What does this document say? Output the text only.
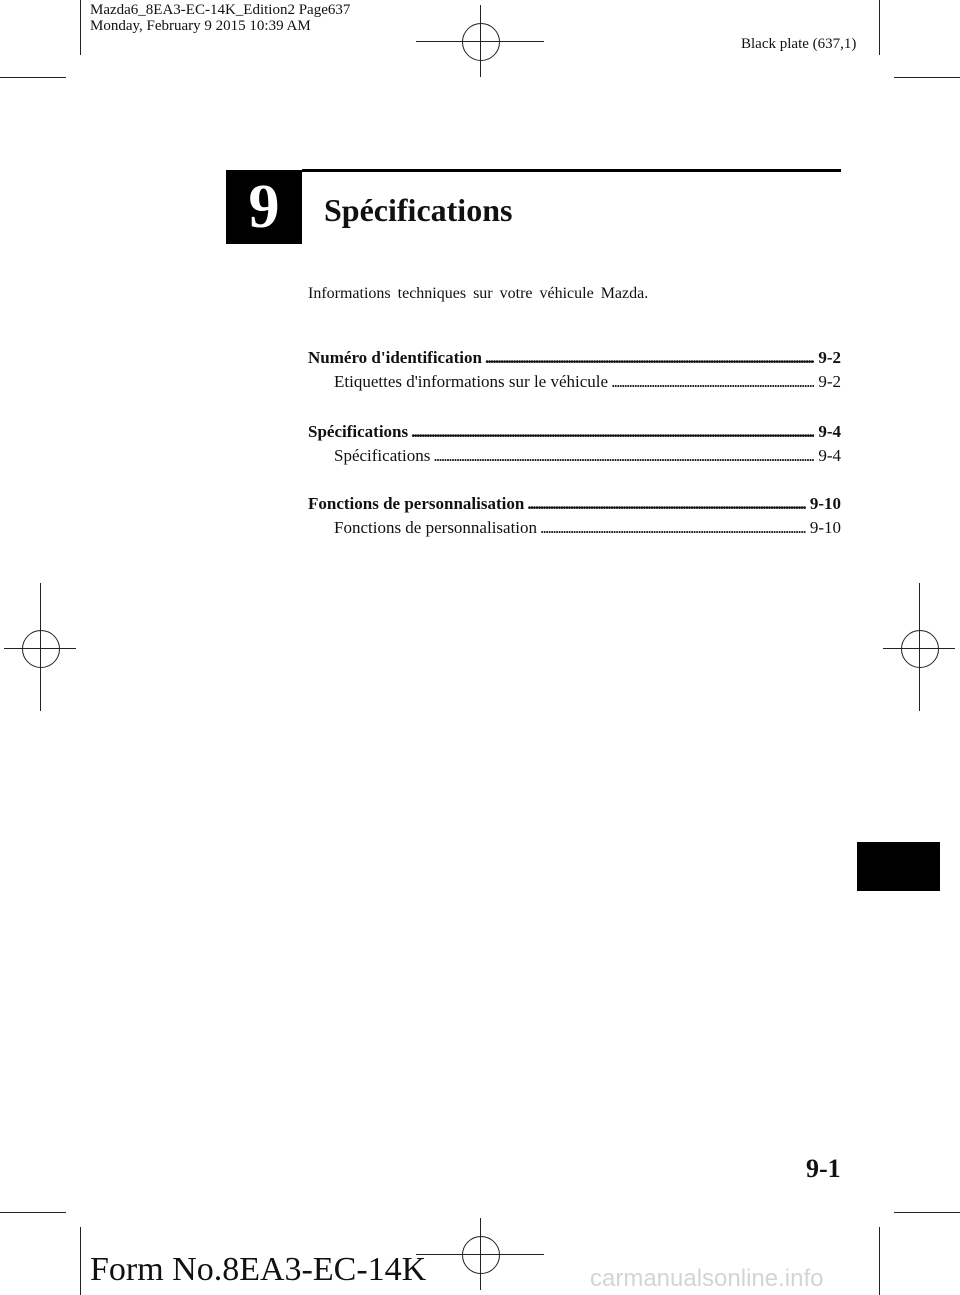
Mazda6_8EA3-EC-14K_Edition2 Page637
Monday, February 9 2015 10:39 AM
Black plate (637,1)
9	Spécifications
Informations techniques sur votre véhicule Mazda.
Numéro d'identification . . .	9-2
Etiquettes d'informations sur le véhicule . . .	9-2
Spécifications . . .	9-4
Spécifications . . .	9-4
Fonctions de personnalisation . . .	9-10
Fonctions de personnalisation . . .	9-10
9-1
Form No.8EA3-EC-14K	carmanualsonline.info
